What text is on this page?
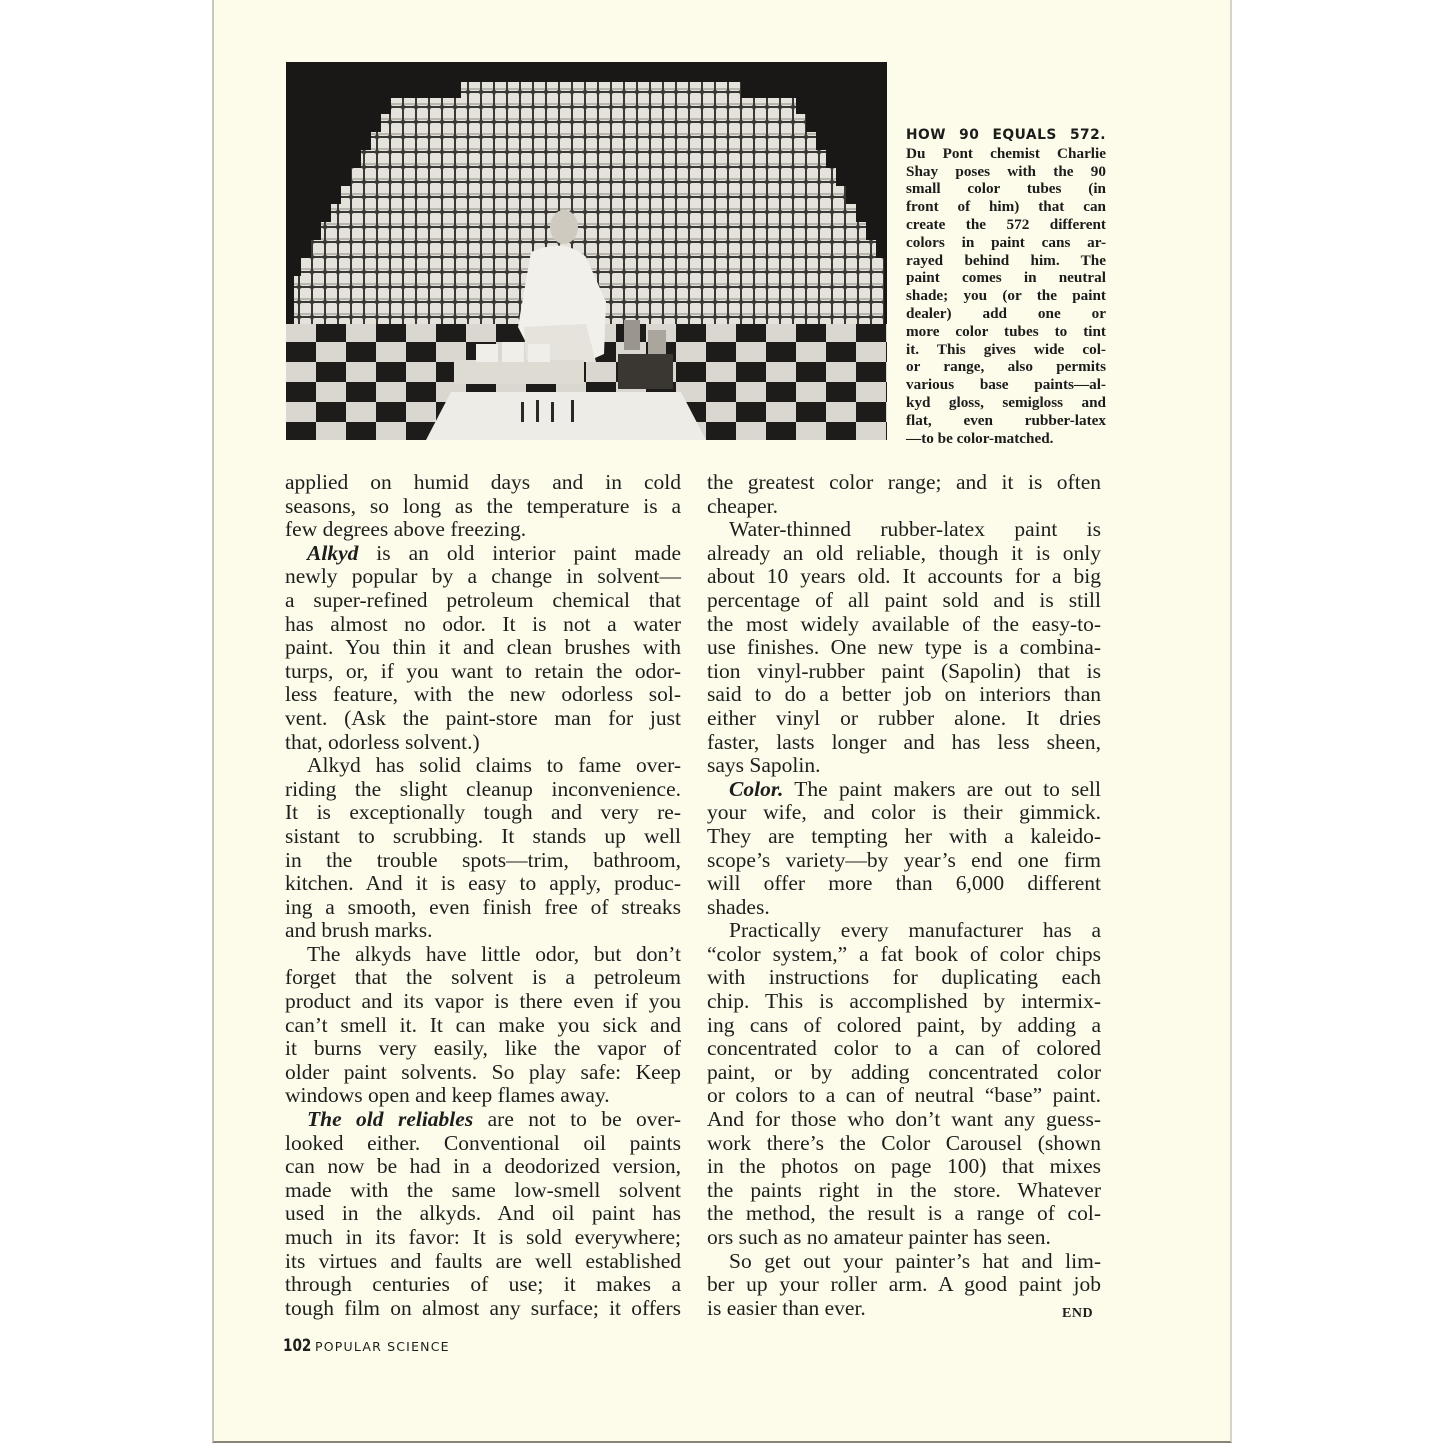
HOW 90 EQUALS 572.
Du Pont chemist Charlie
Shay poses with the 90
small color tubes (in
front of him) that can
create the 572 different
colors in paint cans ar-
rayed behind him. The
paint comes in neutral
shade; you (or the paint
dealer) add one or
more color tubes to tint
it. This gives wide col-
or range, also permits
various base paints—al-
kyd gloss, semigloss and
flat, even rubber-latex
—to be color-matched.
applied on humid days and in cold
seasons, so long as the temperature is a
few degrees above freezing.
Alkyd is an old interior paint made
newly popular by a change in solvent—
a super-refined petroleum chemical that
has almost no odor. It is not a water
paint. You thin it and clean brushes with
turps, or, if you want to retain the odor-
less feature, with the new odorless sol-
vent. (Ask the paint-store man for just
that, odorless solvent.)
Alkyd has solid claims to fame over-
riding the slight cleanup inconvenience.
It is exceptionally tough and very re-
sistant to scrubbing. It stands up well
in the trouble spots—trim, bathroom,
kitchen. And it is easy to apply, produc-
ing a smooth, even finish free of streaks
and brush marks.
The alkyds have little odor, but don’t
forget that the solvent is a petroleum
product and its vapor is there even if you
can’t smell it. It can make you sick and
it burns very easily, like the vapor of
older paint solvents. So play safe: Keep
windows open and keep flames away.
The old reliables are not to be over-
looked either. Conventional oil paints
can now be had in a deodorized version,
made with the same low-smell solvent
used in the alkyds. And oil paint has
much in its favor: It is sold everywhere;
its virtues and faults are well established
through centuries of use; it makes a
tough film on almost any surface; it offers
the greatest color range; and it is often
cheaper.
Water-thinned rubber-latex paint is
already an old reliable, though it is only
about 10 years old. It accounts for a big
percentage of all paint sold and is still
the most widely available of the easy-to-
use finishes. One new type is a combina-
tion vinyl-rubber paint (Sapolin) that is
said to do a better job on interiors than
either vinyl or rubber alone. It dries
faster, lasts longer and has less sheen,
says Sapolin.
Color. The paint makers are out to sell
your wife, and color is their gimmick.
They are tempting her with a kaleido-
scope’s variety—by year’s end one firm
will offer more than 6,000 different
shades.
Practically every manufacturer has a
“color system,” a fat book of color chips
with instructions for duplicating each
chip. This is accomplished by intermix-
ing cans of colored paint, by adding a
concentrated color to a can of colored
paint, or by adding concentrated color
or colors to a can of neutral “base” paint.
And for those who don’t want any guess-
work there’s the Color Carousel (shown
in the photos on page 100) that mixes
the paints right in the store. Whatever
the method, the result is a range of col-
ors such as no amateur painter has seen.
So get out your painter’s hat and lim-
ber up your roller arm. A good paint job
is easier than ever.	END
102 POPULAR SCIENCE
